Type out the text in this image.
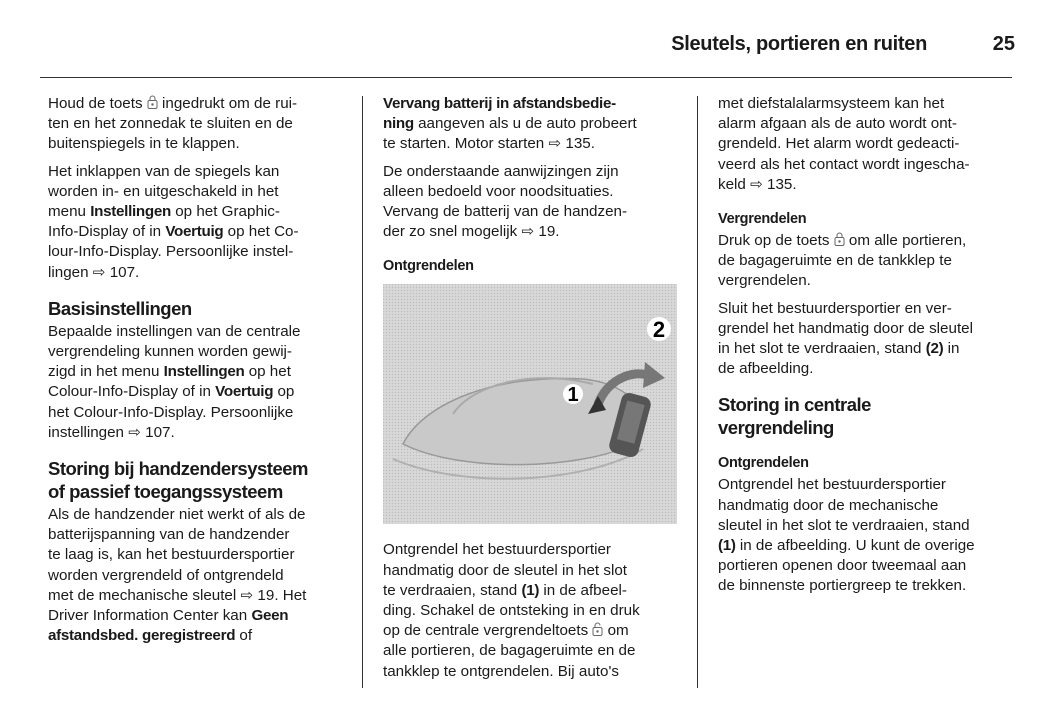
Sleutels, portieren en ruiten	25

Houd de toets  ingedrukt om de rui-
ten en het zonnedak te sluiten en de
buitenspiegels in te klappen.

Het inklappen van de spiegels kan
worden in- en uitgeschakeld in het
menu Instellingen op het Graphic-
Info-Display of in Voertuig op het Co-
lour-Info-Display. Persoonlijke instel-
lingen ⇨ 107.

Basisinstellingen

Bepaalde instellingen van de centrale
vergrendeling kunnen worden gewij-
zigd in het menu Instellingen op het
Colour-Info-Display of in Voertuig op
het Colour-Info-Display. Persoonlijke
instellingen ⇨ 107.

Storing bij handzendersysteem
of passief toegangssysteem

Als de handzender niet werkt of als de
batterijspanning van de handzender
te laag is, kan het bestuurdersportier
worden vergrendeld of ontgrendeld
met de mechanische sleutel ⇨ 19. Het
Driver Information Center kan Geen
afstandsbed. geregistreerd of

Vervang batterij in afstandsbedie-
ning aangeven als u de auto probeert
te starten. Motor starten ⇨ 135.

De onderstaande aanwijzingen zijn
alleen bedoeld voor noodsituaties.
Vervang de batterij van de handzen-
der zo snel mogelijk ⇨ 19.

Ontgrendelen
1
2

Ontgrendel het bestuurdersportier
handmatig door de sleutel in het slot
te verdraaien, stand (1) in de afbeel-
ding. Schakel de ontsteking in en druk
op de centrale vergrendeltoets  om
alle portieren, de bagageruimte en de
tankklep te ontgrendelen. Bij auto's

met diefstalalarmsysteem kan het
alarm afgaan als de auto wordt ont-
grendeld. Het alarm wordt gedeacti-
veerd als het contact wordt ingescha-
keld ⇨ 135.

Vergrendelen

Druk op de toets  om alle portieren,
de bagageruimte en de tankklep te
vergrendelen.

Sluit het bestuurdersportier en ver-
grendel het handmatig door de sleutel
in het slot te verdraaien, stand (2) in
de afbeelding.

Storing in centrale
vergrendeling
Ontgrendelen

Ontgrendel het bestuurdersportier
handmatig door de mechanische
sleutel in het slot te verdraaien, stand
(1) in de afbeelding. U kunt de overige
portieren openen door tweemaal aan
de binnenste portiergreep te trekken.
